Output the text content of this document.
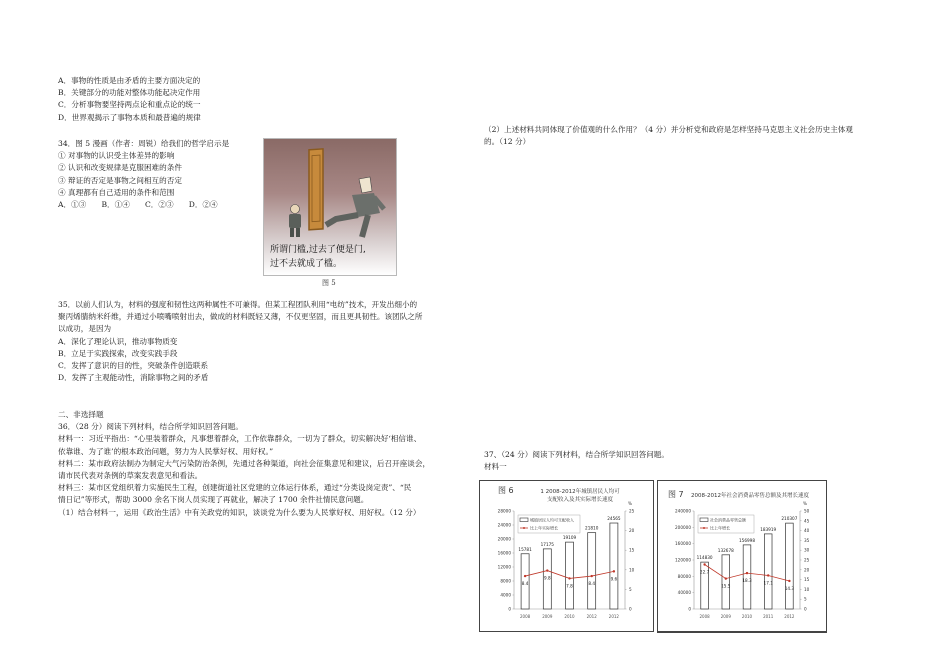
A．事物的性质是由矛盾的主要方面决定的
B．关键部分的功能对整体功能起决定作用
C．分析事物要坚持两点论和重点论的统一
D．世界观揭示了事物本质和最普遍的规律
34．图 5 漫画（作者：周锐）给我们的哲学启示是
① 对事物的认识受主体差异的影响
② 认识和改变规律是克服困难的条件
③ 辩证的否定是事物之间相互的否定
④ 真理都有自己适用的条件和范围
A．①③　　B．①④　　C．②③　　D．②④
所谓门槛,过去了便是门,
过不去就成了槛。
图 5
35．以前人们认为，材料的强度和韧性这两种属性不可兼得。但某工程团队利用“电纺”技术，开发出细小的
聚丙烯腈纳米纤维，并通过小喷嘴喷射出去，做成的材料既轻又薄，不仅更坚固，而且更具韧性。该团队之所
以成功，是因为
A．深化了理论认识，推动事物质变
B．立足于实践探索，改变实践手段
C．发挥了意识的目的性，突破条件创造联系
D．发挥了主观能动性，消除事物之间的矛盾
二、非选择题
36．（28 分）阅读下列材料，结合所学知识回答问题。
材料一：习近平指出：“心里装着群众，凡事想着群众，工作依靠群众，一切为了群众，切实解决好‘相信谁、
依靠谁、为了谁’的根本政治问题，努力为人民掌好权、用好权。”
材料二：某市政府法制办为制定大气污染防治条例，先通过各种渠道，向社会征集意见和建议，后召开座谈会，
请市民代表对条例的草案发表意见和看法。
材料三：某市区党组织着力实施民生工程，创建街道社区党建的立体运行体系，通过“分类设岗定责”、“民
情日记”等形式，帮助 3000 余名下岗人员实现了再就业，解决了 1700 余件社情民意问题。
（1）结合材料一，运用《政治生活》中有关政党的知识，谈谈党为什么要为人民掌好权、用好权。（12 分）
（2）上述材料共同体现了价值观的什么作用？（4 分）并分析党和政府是怎样坚持马克思主义社会历史主体观
的。（12 分）
37、（24 分）阅读下列材料，结合所学知识回答问题。
材料一
图 6	1 2008-2012年城镇居民人均可
支配收入及其实际增长速度
0
4000
8000
12000
16000
20000
24000
28000
0
5
10
15
20
25
%
15781
2008
17175
2009
19109
2010
21810
2012
24565
2012
8.4
9.8
7.8	8.4
9.6
城镇居民人均可支配收入
比上年实际增长
图 7 2008-2012年社会消费品零售总额及其增长速度
0
40000
80000
120000
160000
200000
240000
0
5
10
15
20
25
30
35
40
45
50
%
114830
2008
132678
2009
156998
2010
183919
2011
210307
2012
22.7
15.5
18.3	17.1
14.3
社会消费品零售总额
比上年增长
